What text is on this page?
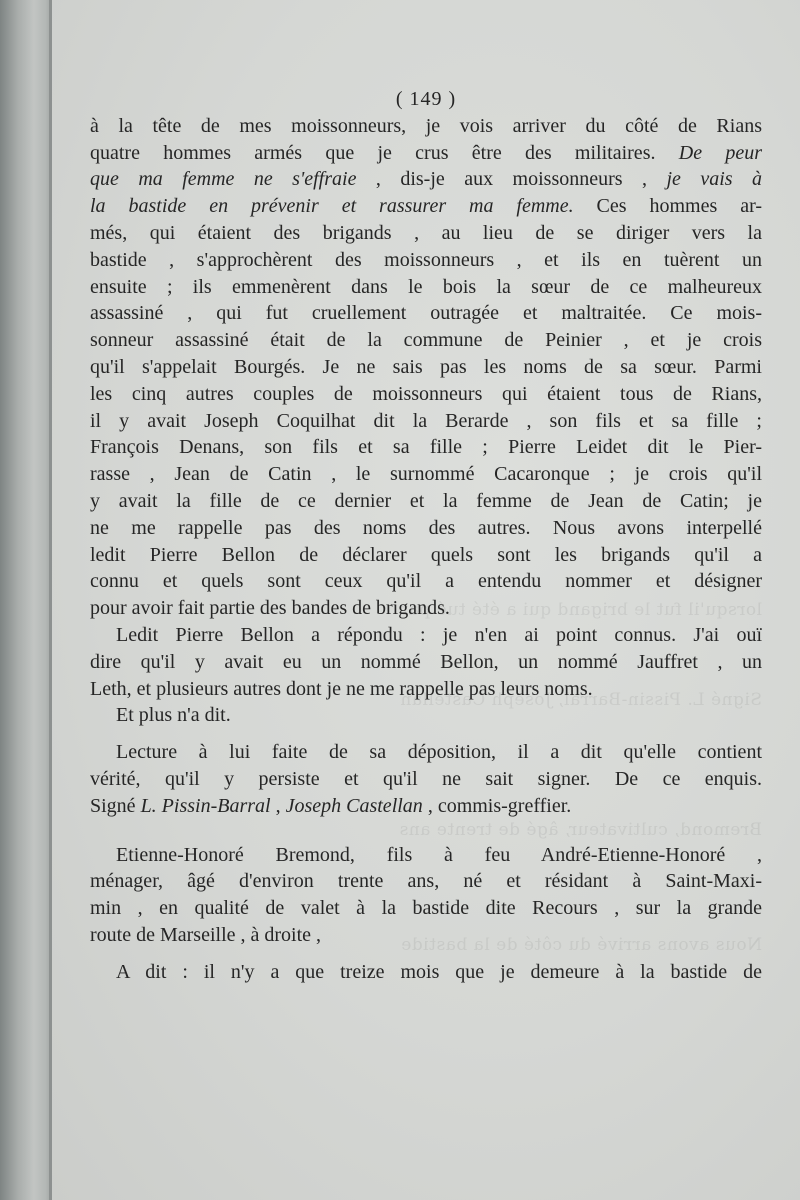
lorsqu'il fut le brigand qui a été tué par
Signé L. Pissin-Barral, Joseph Castellan
Bremond, cultivateur, âgé de trente ans
Nous avons arrivé du côté de la bastide
( 149 )
à la tête de mes moissonneurs, je vois arriver du côté de Rians
quatre hommes armés que je crus être des militaires. De peur
que ma femme ne s'effraie , dis-je aux moissonneurs , je vais à
la bastide en prévenir et rassurer ma femme. Ces hommes ar-
més, qui étaient des brigands , au lieu de se diriger vers la
bastide , s'approchèrent des moissonneurs , et ils en tuèrent un
ensuite ; ils emmenèrent dans le bois la sœur de ce malheureux
assassiné , qui fut cruellement outragée et maltraitée. Ce mois-
sonneur assassiné était de la commune de Peinier , et je crois
qu'il s'appelait Bourgés. Je ne sais pas les noms de sa sœur. Parmi
les cinq autres couples de moissonneurs qui étaient tous de Rians,
il y avait Joseph Coquilhat dit la Berarde , son fils et sa fille ;
François Denans, son fils et sa fille ; Pierre Leidet dit le Pier-
rasse , Jean de Catin , le surnommé Cacaronque ; je crois qu'il
y avait la fille de ce dernier et la femme de Jean de Catin; je
ne me rappelle pas des noms des autres. Nous avons interpellé
ledit Pierre Bellon de déclarer quels sont les brigands qu'il a
connu et quels sont ceux qu'il a entendu nommer et désigner
pour avoir fait partie des bandes de brigands.
Ledit Pierre Bellon a répondu : je n'en ai point connus. J'ai ouï
dire qu'il y avait eu un nommé Bellon, un nommé Jauffret , un
Leth, et plusieurs autres dont je ne me rappelle pas leurs noms.
Et plus n'a dit.
Lecture à lui faite de sa déposition, il a dit qu'elle contient
vérité, qu'il y persiste et qu'il ne sait signer. De ce enquis.
Signé L. Pissin-Barral , Joseph Castellan , commis-greffier.
Etienne-Honoré Bremond, fils à feu André-Etienne-Honoré ,
ménager, âgé d'environ trente ans, né et résidant à Saint-Maxi-
min , en qualité de valet à la bastide dite Recours , sur la grande
route de Marseille , à droite ,
A dit : il n'y a que treize mois que je demeure à la bastide de
